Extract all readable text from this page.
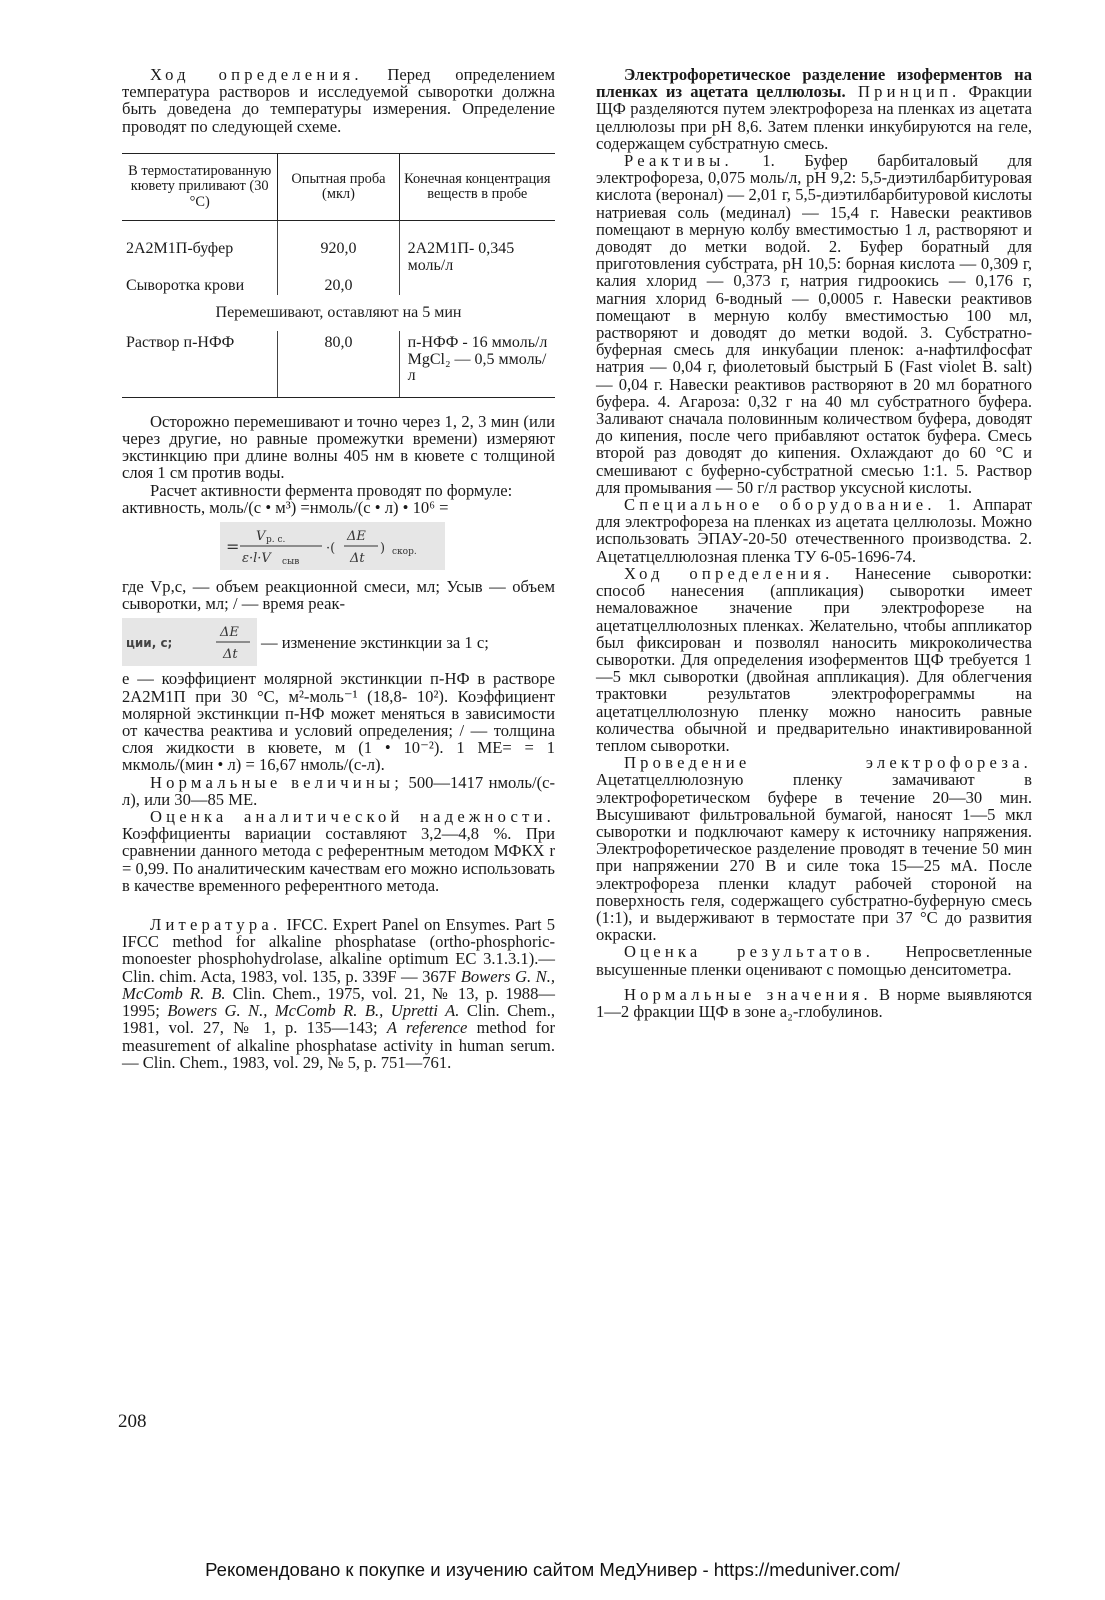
Ход определения. Перед определением температура растворов и исследуемой сыворотки должна быть доведена до температуры измерения. Определение проводят по следующей схеме.

В термостатированную кювету приливают (30 °С)	Опытная проба (мкл)	Конечная концентрация веществ в пробе
2А2М1П-буфер	920,0	2А2М1П- 0,345 моль/л
Сыворотка крови	20,0	
Перемешивают, оставляют на 5 мин		
Раствор п-НФФ	80,0	п-НФФ - 16 ммоль/л MgCl₂ — 0,5 ммоль/л

Осторожно перемешивают и точно через 1, 2, 3 мин (или через другие, но равные промежутки времени) измеряют экстинкцию при длине волны 405 нм в кювете с толщиной слоя 1 см против воды.

Расчет активности фермента проводят по формуле:

активность, моль/(с • м³) =нмоль/(с • л) • 10⁶ =
=
V р. с.
ε·l·V сыв
·(
ΔE
Δt
) скор.

где Vp,c, — объем реакционной смеси, мл; Усыв — объем сыворотки, мл; / — время реак-

ции, с;
ΔE
Δt
— изменение экстинкции за 1 с;

е — коэффициент молярной экстинкции п-НФ в растворе 2А2М1П при 30 °С, м²-моль⁻¹ (18,8- 10²). Коэффициент молярной экстинкции п-НФ может меняться в зависимости от качества реактива и условий определения; / — толщина слоя жидкости в кювете, м (1 • 10⁻²). 1 МЕ= = 1 мкмоль/(мин • л) = 16,67 нмоль/(с-л).

Нормальные величины; 500—1417 нмоль/(с-л), или 30—85 МЕ.

Оценка аналитической надежности. Коэффициенты вариации составляют 3,2—4,8 %. При сравнении данного метода с референтным методом МФКХ r = 0,99. По аналитическим качествам его можно использовать в качестве временного референтного метода.

Литература. IFCC. Expert Panel on Ensymes. Part 5 IFCC method for alkaline phosphatase (ortho-phosphoric-monoester phosphohydrolase, alkaline optimum EC 3.1.3.1).— Clin. chim. Acta, 1983, vol. 135, p. 339F — 367F Bowers G. N., McComb R. B. Clin. Chem., 1975, vol. 21, № 13, p. 1988—1995; Bowers G. N., McComb R. B., Upretti A. Clin. Chem., 1981, vol. 27, № 1, p. 135—143; A reference method for measurement of alkaline phosphatase activity in human serum.— Clin. Chem., 1983, vol. 29, № 5, p. 751—761.

Электрофоретическое разделение изоферментов на пленках из ацетата целлюлозы. Принцип. Фракции ЩФ разделяются путем электрофореза на пленках из ацетата целлюлозы при рН 8,6. Затем пленки инкубируются на геле, содержащем субстратную смесь.

Реактивы. 1. Буфер барбиталовый для электрофореза, 0,075 моль/л, рН 9,2: 5,5-диэтилбарбитуровая кислота (веронал) — 2,01 г, 5,5-диэтилбарбитуровой кислоты натриевая соль (мединал) — 15,4 г. Навески реактивов помещают в мерную колбу вместимостью 1 л, растворяют и доводят до метки водой. 2. Буфер боратный для приготовления субстрата, рН 10,5: борная кислота — 0,309 г, калия хлорид — 0,373 г, натрия гидроокись — 0,176 г, магния хлорид 6-водный — 0,0005 г. Навески реактивов помещают в мерную колбу вместимостью 100 мл, растворяют и доводят до метки водой. 3. Субстратно-буферная смесь для инкубации пленок: а-нафтилфосфат натрия — 0,04 г, фиолетовый быстрый Б (Fast violet В. salt) — 0,04 г. Навески реактивов растворяют в 20 мл боратного буфера. 4. Агароза: 0,32 г на 40 мл субстратного буфера. Заливают сначала половинным количеством буфера, доводят до кипения, после чего прибавляют остаток буфера. Смесь второй раз доводят до кипения. Охлаждают до 60 °С и смешивают с буферно-субстратной смесью 1:1. 5. Раствор для промывания — 50 г/л раствор уксусной кислоты.

Специальное оборудование. 1. Аппарат для электрофореза на пленках из ацетата целлюлозы. Можно использовать ЭПАУ-20-50 отечественного производства. 2. Ацетатцеллюлозная пленка ТУ 6-05-1696-74.

Ход определения. Нанесение сыворотки: способ нанесения (аппликация) сыворотки имеет немаловажное значение при электрофорезе на ацетатцеллюлозных пленках. Желательно, чтобы аппликатор был фиксирован и позволял наносить микроколичества сыворотки. Для определения изоферментов ЩФ требуется 1—5 мкл сыворотки (двойная аппликация). Для облегчения трактовки результатов электрофореграммы на ацетатцеллюлозную пленку можно наносить равные количества обычной и предварительно инактивированной теплом сыворотки.

Проведение электрофореза. Ацетатцеллюлозную пленку замачивают в электрофоретическом буфере в течение 20—30 мин. Высушивают фильтровальной бумагой, наносят 1—5 мкл сыворотки и подключают камеру к источнику напряжения. Электрофоретическое разделение проводят в течение 50 мин при напряжении 270 В и силе тока 15—25 мА. После электрофореза пленки кладут рабочей стороной на поверхность геля, содержащего субстратно-буферную смесь (1:1), и выдерживают в термостате при 37 °С до развития окраски.

Оценка результатов. Непросветленные высушенные пленки оценивают с помощью денситометра.

Нормальные значения. В норме выявляются 1—2 фракции ЩФ в зоне а₂-глобулинов.

208
Рекомендовано к покупке и изучению сайтом МедУнивер - https://meduniver.com/
